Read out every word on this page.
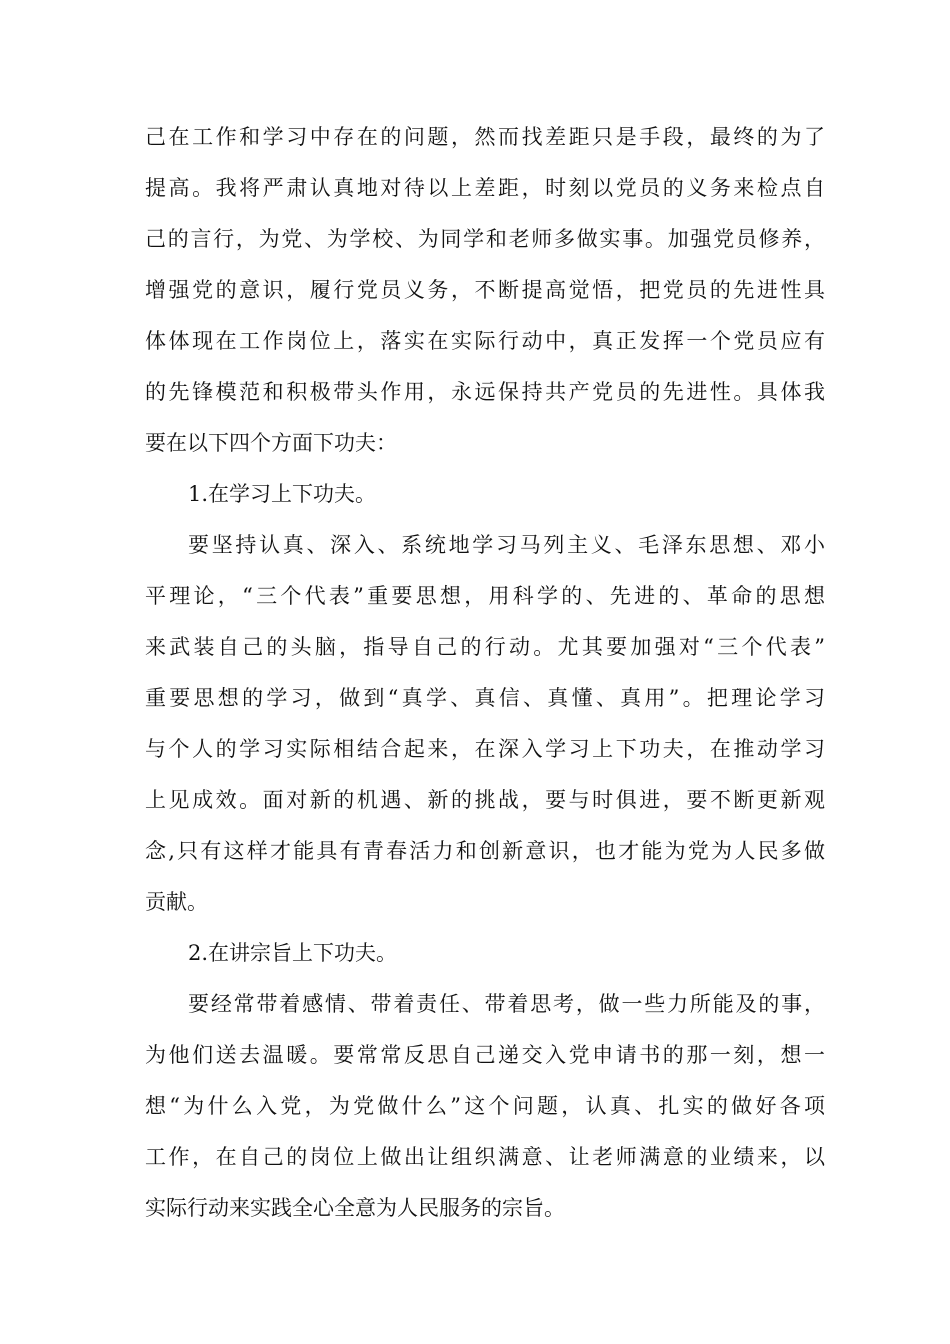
己在工作和学习中存在的问题，然而找差距只是手段，最终的为了
提高。我将严肃认真地对待以上差距，时刻以党员的义务来检点自
己的言行，为党、为学校、为同学和老师多做实事。加强党员修养，
增强党的意识，履行党员义务，不断提高觉悟，把党员的先进性具
体体现在工作岗位上，落实在实际行动中，真正发挥一个党员应有
的先锋模范和积极带头作用，永远保持共产党员的先进性。具体我
要在以下四个方面下功夫：
1.在学习上下功夫。
要坚持认真、深入、系统地学习马列主义、毛泽东思想、邓小
平理论，“三个代表”重要思想，用科学的、先进的、革命的思想
来武装自己的头脑，指导自己的行动。尤其要加强对“三个代表”
重要思想的学习，做到“真学、真信、真懂、真用”。把理论学习
与个人的学习实际相结合起来，在深入学习上下功夫，在推动学习
上见成效。面对新的机遇、新的挑战，要与时俱进，要不断更新观
念,只有这样才能具有青春活力和创新意识，也才能为党为人民多做
贡献。
2.在讲宗旨上下功夫。
要经常带着感情、带着责任、带着思考，做一些力所能及的事，
为他们送去温暖。要常常反思自己递交入党申请书的那一刻，想一
想“为什么入党，为党做什么”这个问题，认真、扎实的做好各项
工作，在自己的岗位上做出让组织满意、让老师满意的业绩来，以
实际行动来实践全心全意为人民服务的宗旨。
